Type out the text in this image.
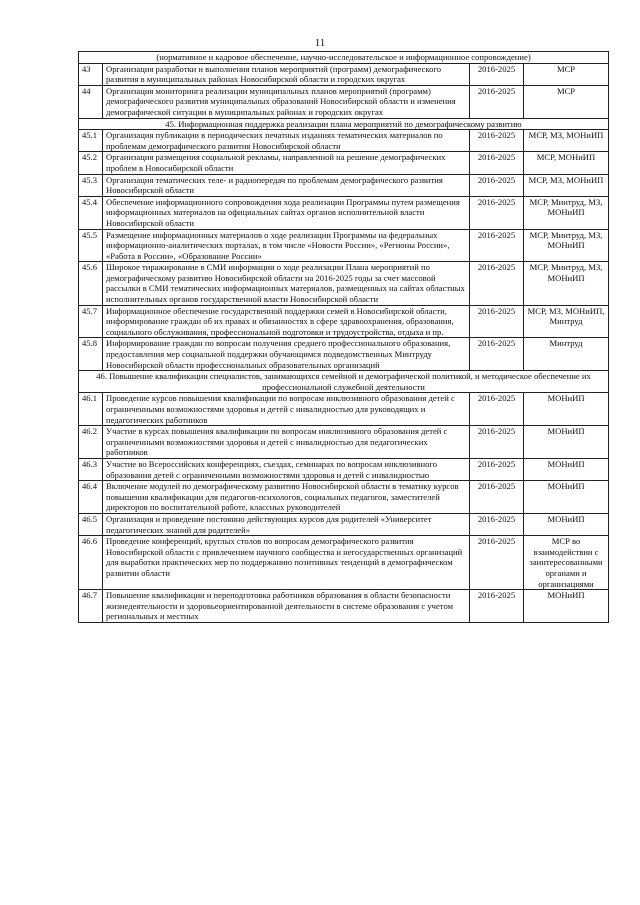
11
(нормативное и кадровое обеспечение, научно-исследовательское и информационное сопровождение)			
43	Организация разработки и выполнения планов мероприятий (программ) демографического развития в муниципальных районах Новосибирской области и городских округах	2016-2025	МСР
44	Организация мониторинга реализации муниципальных планов мероприятий (программ) демографического развития муниципальных образований Новосибирской области и изменения демографической ситуации в муниципальных районах и городских округах	2016-2025	МСР
45. Информационная поддержка реализации плана мероприятий по демографическому развитию			
45.1	Организация публикации в периодических печатных изданиях тематических материалов по проблемам демографического развития Новосибирской области	2016-2025	МСР, МЗ, МОНиИП
45.2	Организация размещения социальной рекламы, направленной на решение демографических проблем в Новосибирской области	2016-2025	МСР, МОНиИП
45.3	Организация тематических теле- и радиопередач по проблемам демографического развития Новосибирской области	2016-2025	МСР, МЗ, МОНиИП
45.4	Обеспечение информационного сопровождения хода реализации Программы путем размещения информационных материалов на официальных сайтах органов исполнительной власти Новосибирской области	2016-2025	МСР, Минтруд, МЗ, МОНиИП
45.5	Размещение информационных материалов о ходе реализации Программы на федеральных информационно-аналитических порталах, в том числе «Новости России», «Регионы России», «Работа в России», «Образование России»	2016-2025	МСР, Минтруд, МЗ, МОНиИП
45.6	Широкое тиражирование в СМИ информации о ходе реализации Плана мероприятий по демографическому развитию Новосибирской области на 2016-2025 годы за счет массовой рассылки в СМИ тематических информационных материалов, размещенных на сайтах областных исполнительных органов государственной власти Новосибирской области	2016-2025	МСР, Минтруд, МЗ, МОНиИП
45.7	Информационное обеспечение государственной поддержки семей в Новосибирской области, информирование граждан об их правах и обязанностях в сфере здравоохранения, образования, социального обслуживания, профессиональной подготовки и трудоустройства, отдыха и пр.	2016-2025	МСР, МЗ, МОНиИП, Минтруд
45.8	Информирование граждан по вопросам получения среднего профессионального образования, предоставления мер социальной поддержки обучающимся подведомственных Минтруду Новосибирской области профессиональных образовательных организаций	2016-2025	Минтруд
46. Повышение квалификации специалистов, занимающихся семейной и демографической политикой, и методическое обеспечение их профессиональной служебной деятельности			
46.1	Проведение курсов повышения квалификации по вопросам инклюзивного образования детей с ограниченными возможностями здоровья и детей с инвалидностью для руководящих и педагогических работников	2016-2025	МОНиИП
46.2	Участие в курсах повышения квалификации по вопросам инклюзивного образования детей с ограниченными возможностями здоровья и детей с инвалидностью для педагогических работников	2016-2025	МОНиИП
46.3	Участие во Всероссийских конференциях, съездах, семинарах по вопросам инклюзивного образования детей с ограниченными возможностями здоровья и детей с инвалидностью	2016-2025	МОНиИП
46.4	Включение модулей по демографическому развитию Новосибирской области в тематику курсов повышения квалификации для педагогов-психологов, социальных педагогов, заместителей директоров по воспитательной работе, классных руководителей	2016-2025	МОНиИП
46.5	Организация и проведение постоянно действующих курсов для родителей «Университет педагогических знаний для родителей»	2016-2025	МОНиИП
46.6	Проведение конференций, круглых столов по вопросам демографического развития Новосибирской области с привлечением научного сообщества и негосударственных организаций для выработки практических мер по поддержанию позитивных тенденций в демографическом развитии области	2016-2025	МСР во взаимодействии с заинтересованными органами и организациями
46.7	Повышение квалификации и переподготовка работников образования в области безопасности жизнедеятельности и здоровьеориентированной деятельности в системе образования с учетом региональных и местных	2016-2025	МОНиИП
